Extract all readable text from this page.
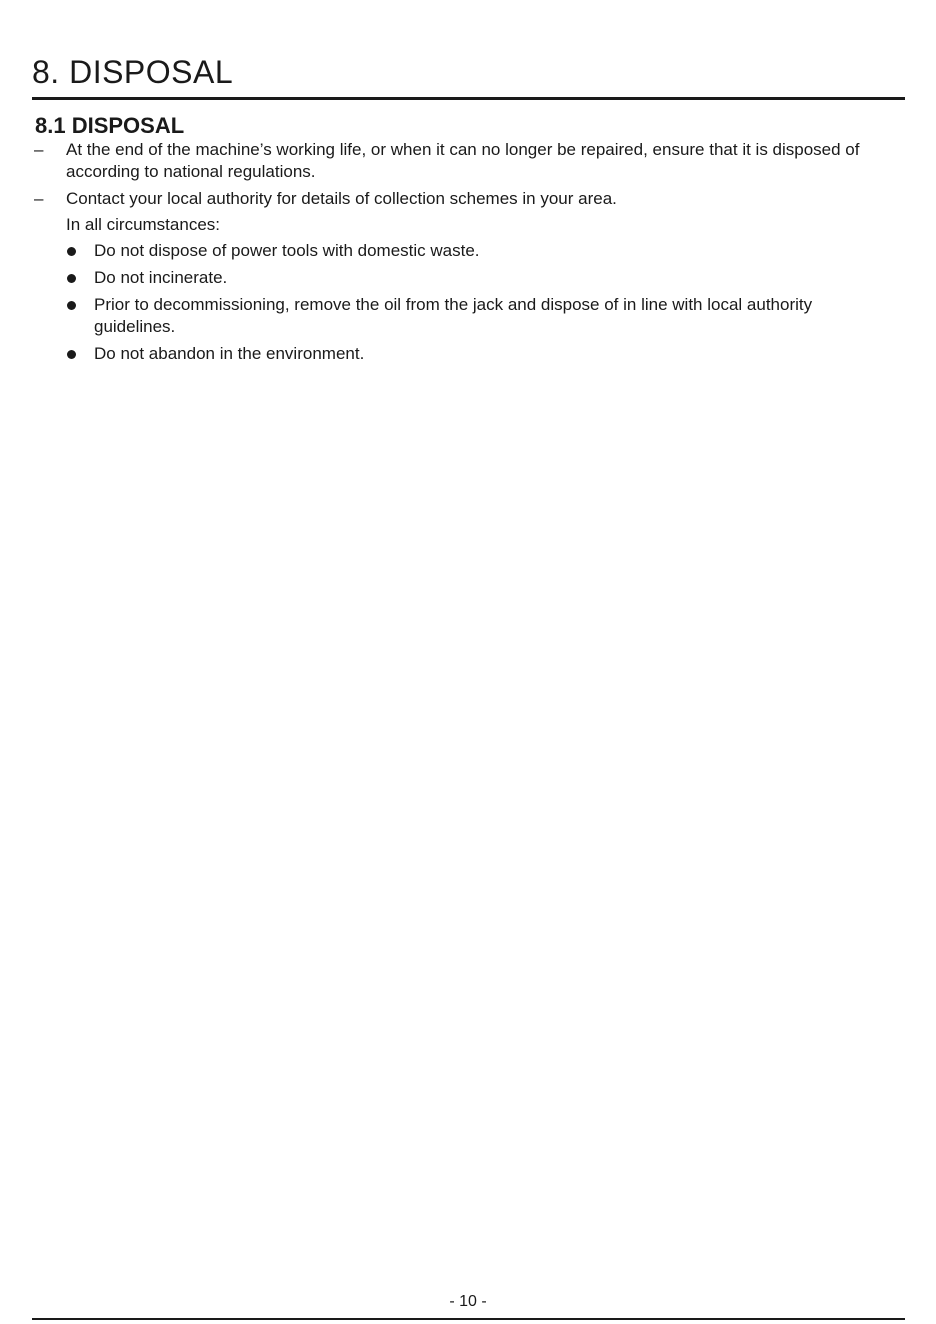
8. DISPOSAL
8.1 DISPOSAL
– At the end of the machine’s working life, or when it can no longer be repaired, ensure that it is disposed of according to national regulations.

– Contact your local authority for details of collection schemes in your area.

In all circumstances:

Do not dispose of power tools with domestic waste.

Do not incinerate.

Prior to decommissioning, remove the oil from the jack and dispose of in line with local authority guidelines.

Do not abandon in the environment.

- 10 -
